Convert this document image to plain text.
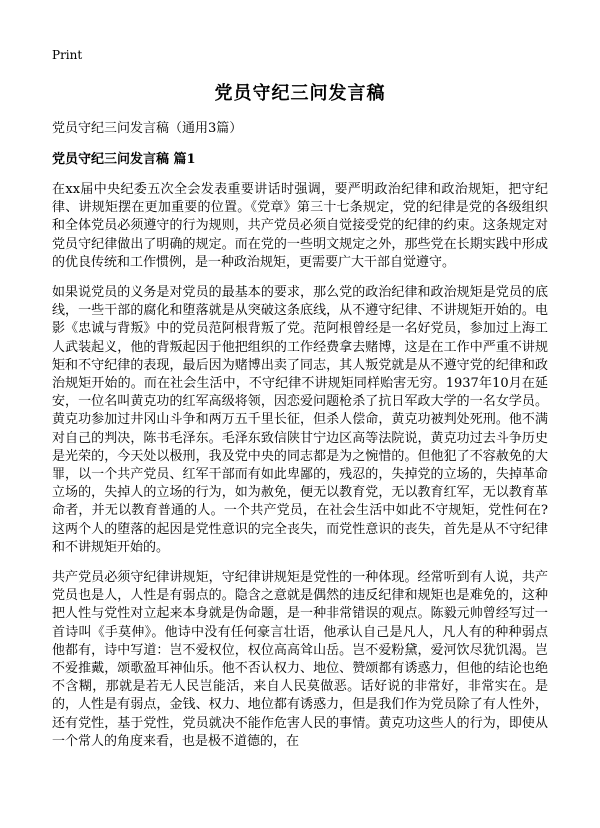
Print
党员守纪三问发言稿
党员守纪三问发言稿（通用3篇）
党员守纪三问发言稿 篇1

在xx届中央纪委五次全会发表重要讲话时强调，要严明政治纪律和政治规矩，把守纪律、讲规矩摆在更加重要的位置。《党章》第三十七条规定，党的纪律是党的各级组织和全体党员必须遵守的行为规则，共产党员必须自觉接受党的纪律的约束。这条规定对党员守纪律做出了明确的规定。而在党的一些明文规定之外，那些党在长期实践中形成的优良传统和工作惯例，是一种政治规矩，更需要广大干部自觉遵守。

如果说党员的义务是对党员的最基本的要求，那么党的政治纪律和政治规矩是党员的底线，一些干部的腐化和堕落就是从突破这条底线，从不遵守纪律、不讲规矩开始的。电影《忠诚与背叛》中的党员范阿根背叛了党。范阿根曾经是一名好党员，参加过上海工人武装起义，他的背叛起因于他把组织的工作经费拿去赌博，这是在工作中严重不讲规矩和不守纪律的表现，最后因为赌博出卖了同志，其人叛党就是从不遵守党的纪律和政治规矩开始的。而在社会生活中，不守纪律不讲规矩同样贻害无穷。1937年10月在延安，一位名叫黄克功的红军高级将领，因恋爱问题枪杀了抗日军政大学的一名女学员。黄克功参加过井冈山斗争和两万五千里长征，但杀人偿命，黄克功被判处死刑。他不满对自己的判决，陈书毛泽东。毛泽东致信陕甘宁边区高等法院说，黄克功过去斗争历史是光荣的，今天处以极刑，我及党中央的同志都是为之惋惜的。但他犯了不容赦免的大罪，以一个共产党员、红军干部而有如此卑鄙的，残忍的，失掉党的立场的，失掉革命立场的，失掉人的立场的行为，如为赦免，便无以教育党，无以教育红军，无以教育革命者，并无以教育普通的人。一个共产党员，在社会生活中如此不守规矩，党性何在?这两个人的堕落的起因是党性意识的完全丧失，而党性意识的丧失，首先是从不守纪律和不讲规矩开始的。

共产党员必须守纪律讲规矩，守纪律讲规矩是党性的一种体现。经常听到有人说，共产党员也是人，人性是有弱点的。隐含之意就是偶然的违反纪律和规矩也是难免的，这种把人性与党性对立起来本身就是伪命题，是一种非常错误的观点。陈毅元帅曾经写过一首诗叫《手莫伸》。他诗中没有任何豪言壮语，他承认自己是凡人，凡人有的种种弱点他都有，诗中写道：岂不爱权位，权位高高耸山岳。岂不爱粉黛，爱河饮尽犹饥渴。岂不爱推戴，颂歌盈耳神仙乐。他不否认权力、地位、赞颂都有诱惑力，但他的结论也绝不含糊，那就是若无人民岂能活，来自人民莫做恶。话好说的非常好，非常实在。是的，人性是有弱点，金钱、权力、地位都有诱惑力，但是我们作为党员除了有人性外，还有党性，基于党性，党员就决不能作危害人民的事情。黄克功这些人的行为，即使从一个常人的角度来看，也是极不道德的，在
